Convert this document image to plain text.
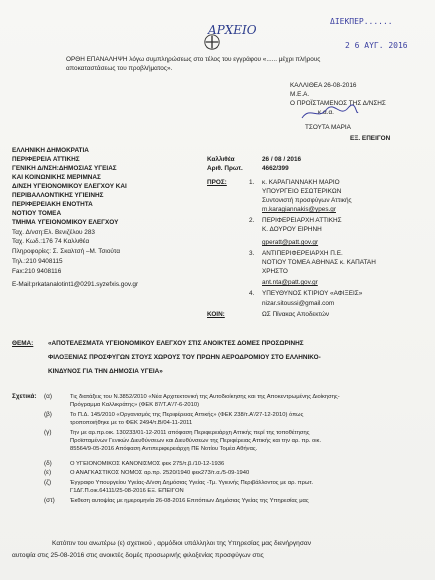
ΑΡΧΕΙΟ
ΔΙΕΚΠΕΡ......
2 6 ΑΥΓ. 2016
ΟΡΘΗ ΕΠΑΝΑΛΗΨΗ λόγω συμπληρώσεως στο τέλος του εγγράφου «...... μέχρι πλήρους
αποκαταστάσεως του προβλήματος».
ΚΑΛΛΙΘΕΑ 26-08-2016
Μ.Ε.Α.
Ο ΠΡΟΪΣΤΑΜΕΝΟΣ ΤΗΣ Δ/ΝΣΗΣ
κ.α.α.
ΤΣΟΥΤΑ ΜΑΡΙΑ
ΕΞ. ΕΠΕΙΓΟΝ
ΕΛΛΗΝΙΚΗ ΔΗΜΟΚΡΑΤΙΑ
ΠΕΡΙΦΕΡΕΙΑ ΑΤΤΙΚΗΣ
ΓΕΝΙΚΗ Δ/ΝΣΗ:ΔΗΜΟΣΙΑΣ ΥΓΕΙΑΣ
ΚΑΙ ΚΟΙΝΩΝΙΚΗΣ ΜΕΡΙΜΝΑΣ
Δ/ΝΣΗ ΥΓΕΙΟΝΟΜΙΚΟΥ ΕΛΕΓΧΟΥ ΚΑΙ
ΠΕΡΙΒΑΛΛΟΝΤΙΚΗΣ ΥΓΙΕΙΝΗΣ
ΠΕΡΙΦΕΡΕΙΑΚΗ ΕΝΟΤΗΤΑ
ΝΟΤΙΟΥ ΤΟΜΕΑ
ΤΜΗΜΑ ΥΓΕΙΟΝΟΜΙΚΟΥ ΕΛΕΓΧΟΥ
Ταχ. Δ/νση:Ελ. Βενιζέλου 283
Ταχ. Κωδ.:176 74 Καλλιθέα
Πληροφορίες: Σ. Σκαλτσή –Μ. Τσιούτα
Τηλ.:210 9408115
Fax:210 9408116
E-Mail:prkatanalotint1@0291.syzefxis.gov.gr
Καλλιθέα	26 / 08 / 2016
Αριθ. Πρωτ.	4662/399
ΠΡΟΣ:	1. κ. ΚΑΡΑΓΙΑΝΝΑΚΗ ΜΑΡΙΟ
ΥΠΟΥΡΓΕΙΟ ΕΣΩΤΕΡΙΚΩΝ
Συντονιστή προσφύγων Αττικής
m.karagiannakis@ypes.gr
2. ΠΕΡΙΦΕΡΕΙΑΡΧΗ ΑΤΤΙΚΗΣ
Κ. ΔΟΥΡΟΥ ΕΙΡΗΝΗ
gperatt@patt.gov.gr
3. ΑΝΤΙΠΕΡΙΦΕΡΕΙΑΡΧΗ Π.Ε.
ΝΟΤΙΟΥ ΤΟΜΕΑ ΑΘΗΝΑΣ κ. ΚΑΠΑΤΑΗ
ΧΡΗΣΤΟ
ant.nta@patt.gov.gr
4. ΥΠΕΥΘΥΝΟΣ ΚΤΙΡΙΟΥ «ΑΦΙΞΕΙΣ»
nizar.sitoussi@gmail.com
ΚΟΙΝ:	ΩΣ Πίνακας Αποδεκτών
ΘΕΜΑ: «ΑΠΟΤΕΛΕΣΜΑΤΑ ΥΓΕΙΟΝΟΜΙΚΟΥ ΕΛΕΓΧΟΥ ΣΤΙΣ ΑΝΟΙΚΤΕΣ ΔΟΜΕΣ ΠΡΟΣΩΡΙΝΗΣ
ΦΙΛΟΞΕΝΙΑΣ ΠΡΟΣΦΥΓΩΝ ΣΤΟΥΣ ΧΩΡΟΥΣ ΤΟΥ ΠΡΩΗΝ ΑΕΡΟΔΡΟΜΙΟΥ ΣΤΟ ΕΛΛΗΝΙΚΟ-
ΚΙΝΔΥΝΟΣ ΓΙΑ ΤΗΝ ΔΗΜΟΣΙΑ ΥΓΕΙΑ»
Σχετικά: (α)	Τις διατάξεις του Ν.3852/2010 «Νέα Αρχιτεκτονική της Αυτοδιοίκησης και της Αποκεντρωμένης Διοίκησης-
Πρόγραμμα Καλλικράτης» (ΦΕΚ 87/Τ.Α'/7-6-2010)
(β)	Το Π.Δ. 145/2010 «Οργανισμός της Περιφέρειας Αττικής» (ΦΕΚ 238/τ.Α'/27-12-2010) όπως
τροποποιήθηκε με το ΦΕΚ 2494/τ.Β/04-11-2011
(γ)	Την με αρ.πρ.οικ. 130233/01-12-2011 απόφαση Περιφερειάρχη Αττικής περί της τοποθέτησης
Προϊσταμένων Γενικών Διευθύνσεων και Διευθύνσεων της Περιφέρειας Αττικής και την αρ. πρ. οικ.
85564/9-05-2016 Απόφαση Αντιπεριφερειάρχη ΠΕ Νοτίου Τομέα Αθήνας.
(δ)	Ο ΥΓΕΙΟΝΟΜΙΚΟΣ ΚΑΝΟΝΙΣΜΟΣ φεκ 275/τ.β./10-12-1936
(ε)	Ο ΑΝΑΓΚΑΣΤΙΚΟΣ ΝΟΜΟΣ αρ.πρ. 2520/1940 φεκ273/τ.α./5-09-1940
(ζ)	Έγγραφο Υπουργείου Υγείας-Δ/νση Δημόσιας Υγείας -Τμ. Υγιεινής Περιβάλλοντος με αρ. πρωτ.
Γ1ΔΓ.Π.οικ.64111/25-08-2016 ΕΞ. ΕΠΕΙΓΟΝ
(στ)	Έκθεση αυτοψίας με ημερομηνία 26-08-2016 Επιτόπιων Δημόσιας Υγείας της Υπηρεσίας μας
Κατόπιν του ανωτέρω (ε) σχετικού , αρμόδιοι υπάλληλοι της Υπηρεσίας μας διενήργησαν
αυτοψία στις 25-08-2016 στις ανοικτές δομές προσωρινής φιλοξενίας προσφύγων στις
